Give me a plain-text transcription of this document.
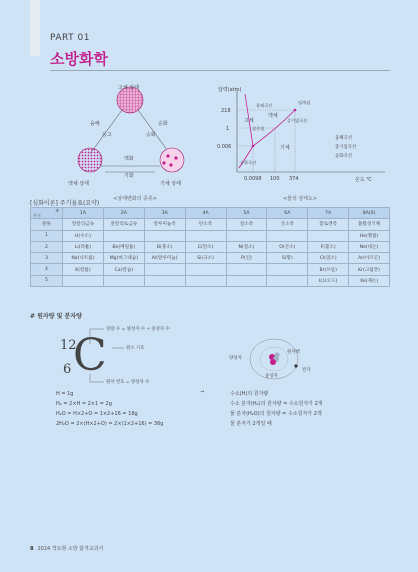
PART 01
소방화학
고체 상태
액체 상태	기체 상태
융해
응고
승화
승화
액화
기화
<상태변화의 종류>
압력(atm)
218
1
0.006
0.0098 100 374	온도 ℃
고체
액체
기체
융해곡선
임계점
증기압곡선
삼중점
승화곡선
융해곡선
증기압곡선
승화곡선
<물의 상태도>
[심화이론] 주기율표(요약)
족
주기	1A	2A	3A	4A	5A	6A	7A	8A(0)
분류	알칼리금속	알칼리토금속	알루미늄족	탄소족	질소족	산소족	할로겐족	불활성기체
1	H(수소)							He(헬륨)
2	Li(리튬)	Be(베릴륨)	B(붕소)	C(탄소)	N(질소)	O(산소)	F(불소)	Ne(네온)
3	Na(나트륨)	Mg(마그네슘)	Al(알루미늄)	Si(규소)	P(인)	S(황)	Cl(염소)	Ar(아르곤)
4	K(칼륨)	Ca(칼슘)					Br(브롬)	Kr(크립톤)
5							I(요오드)	Xe(제논)
# 원자량 및 분자량
12
6 C
질량 수 = 양성자 수 + 중성자 수
원소 기호
원자 번호 = 양성자 수
양성자
원자핵
중성자
전자
→
H = 1g
H₂ = 2×H = 2×1 = 2g
H₂O = H×2+O = 1×2+16 = 18g
2H₂O = 2×(H×2+O) = 2×(1×2+16) = 36g
수소(H)의 원자량
수소 분자(H₂)의 원자량 = 수소원자가 2개
물 분자(H₂O)의 원자량 = 수소원자가 2개
물 분자가 2개일 때
8 2024 객토형 소방 합격교과서
